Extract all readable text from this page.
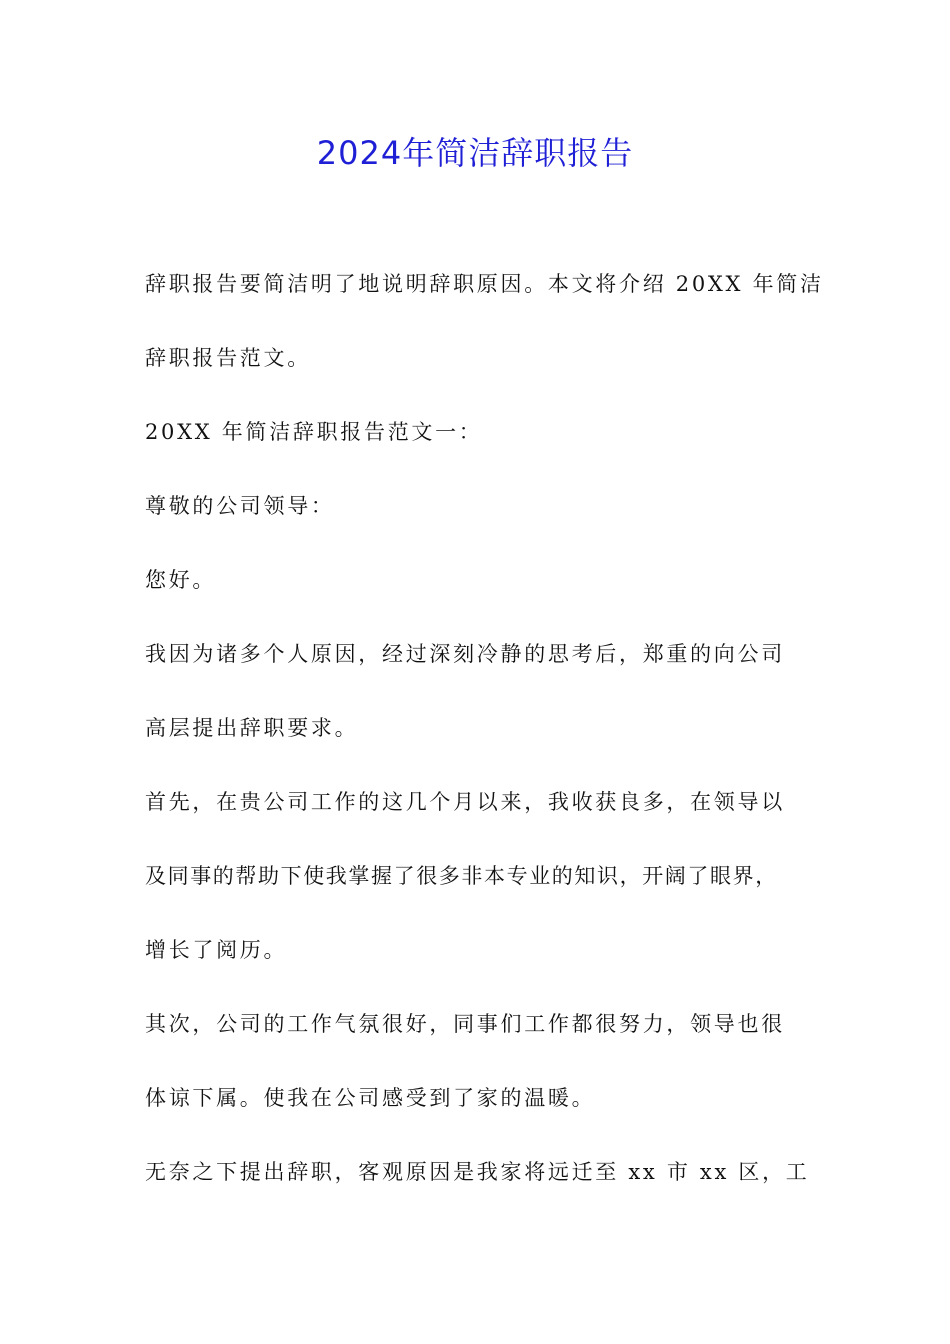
2024年简洁辞职报告
辞职报告要简洁明了地说明辞职原因。本文将介绍 20XX 年简洁
辞职报告范文。
20XX 年简洁辞职报告范文一：
尊敬的公司领导：
您好。
我因为诸多个人原因，经过深刻冷静的思考后，郑重的向公司
高层提出辞职要求。
首先，在贵公司工作的这几个月以来，我收获良多，在领导以
及同事的帮助下使我掌握了很多非本专业的知识，开阔了眼界，
增长了阅历。
其次，公司的工作气氛很好，同事们工作都很努力，领导也很
体谅下属。使我在公司感受到了家的温暖。
无奈之下提出辞职，客观原因是我家将远迁至 xx 市 xx 区，工
